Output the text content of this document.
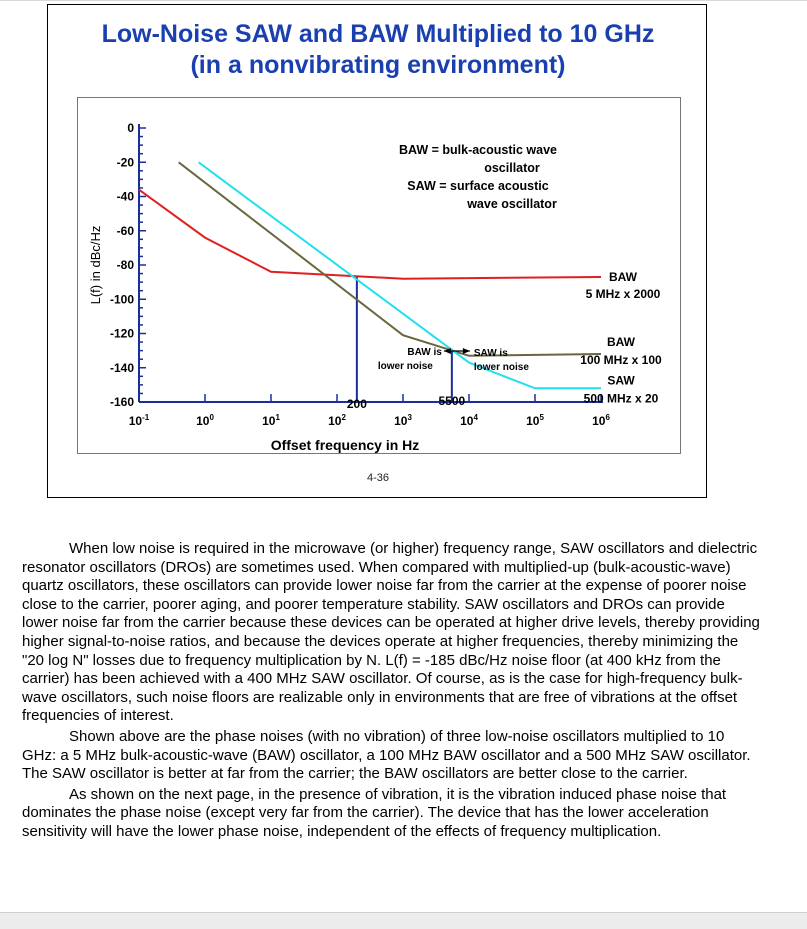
Low-Noise SAW and BAW Multiplied to 10 GHz
(in a nonvibrating environment)
0
-20
-40
-60
-80
-100
-120
-140
-160
L(f) in dBc/Hz
$10^{-1}$	$10^0$	$10^1$	$10^2$	$10^3$	$10^4$	$10^5$	$10^6$
Offset frequency in Hz
BAW
5 MHz x 2000
BAW
100 MHz x 100
SAW
500 MHz x 20
BAW = bulk-acoustic wave
oscillator
SAW = surface acoustic
wave oscillator
200	5500
BAW is
lower noise
SAW is
lower noise
4-36

When low noise is required in the microwave (or higher) frequency range, SAW oscillators and dielectric resonator oscillators (DROs) are sometimes used. When compared with multiplied-up (bulk-acoustic-wave) quartz oscillators, these oscillators can provide lower noise far from the carrier at the expense of poorer noise close to the carrier, poorer aging, and poorer temperature stability. SAW oscillators and DROs can provide lower noise far from the carrier because these devices can be operated at higher drive levels, thereby providing higher signal-to-noise ratios, and because the devices operate at higher frequencies, thereby minimizing the "20 log N" losses due to frequency multiplication by N. L(f) = -185 dBc/Hz noise floor (at 400 kHz from the carrier) has been achieved with a 400 MHz SAW oscillator. Of course, as is the case for high-frequency bulk-wave oscillators, such noise floors are realizable only in environments that are free of vibrations at the offset frequencies of interest.

Shown above are the phase noises (with no vibration) of three low-noise oscillators multiplied to 10 GHz: a 5 MHz bulk-acoustic-wave (BAW) oscillator, a 100 MHz BAW oscillator and a 500 MHz SAW oscillator. The SAW oscillator is better at far from the carrier; the BAW oscillators are better close to the carrier.

As shown on the next page, in the presence of vibration, it is the vibration induced phase noise that dominates the phase noise (except very far from the carrier). The device that has the lower acceleration sensitivity will have the lower phase noise, independent of the effects of frequency multiplication.
